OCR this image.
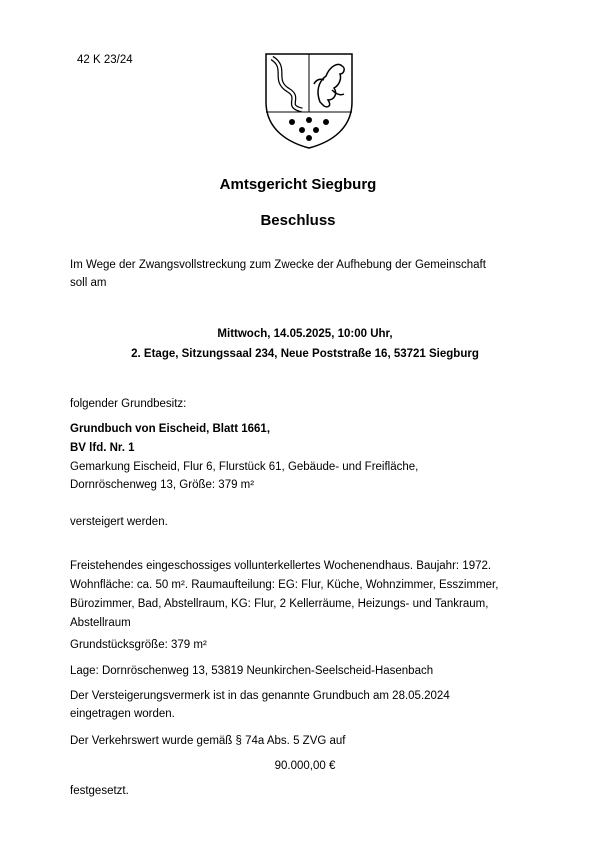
42 K 23/24
Amtsgericht Siegburg
Beschluss
Im Wege der Zwangsvollstreckung zum Zwecke der Aufhebung der Gemeinschaft
soll am
Mittwoch, 14.05.2025, 10:00 Uhr,
2. Etage, Sitzungssaal 234, Neue Poststraße 16, 53721 Siegburg
folgender Grundbesitz:
Grundbuch von Eischeid, Blatt 1661,
BV lfd. Nr. 1
Gemarkung Eischeid, Flur 6, Flurstück 61, Gebäude- und Freifläche,
Dornröschenweg 13, Größe: 379 m²
versteigert werden.
Freistehendes eingeschossiges vollunterkellertes Wochenendhaus. Baujahr: 1972.
Wohnfläche: ca. 50 m². Raumaufteilung: EG: Flur, Küche, Wohnzimmer, Esszimmer,
Bürozimmer, Bad, Abstellraum, KG: Flur, 2 Kellerräume, Heizungs- und Tankraum,
Abstellraum
Grundstücksgröße: 379 m²
Lage: Dornröschenweg 13, 53819 Neunkirchen-Seelscheid-Hasenbach
Der Versteigerungsvermerk ist in das genannte Grundbuch am 28.05.2024
eingetragen worden.
Der Verkehrswert wurde gemäß § 74a Abs. 5 ZVG auf
90.000,00 €
festgesetzt.
